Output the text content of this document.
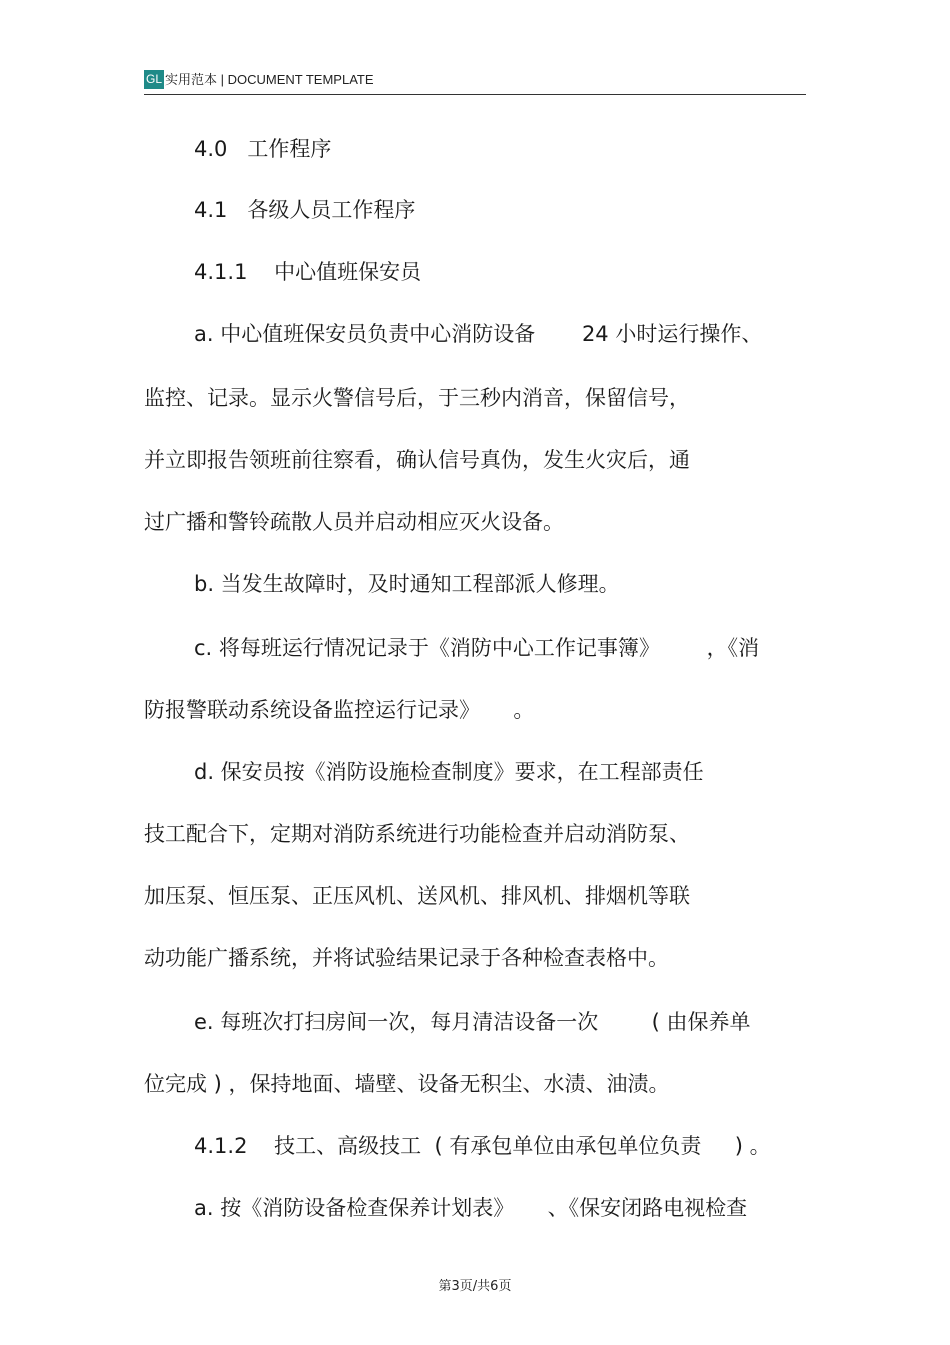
GL 实用范本 | DOCUMENT TEMPLATE
4.0   工作程序
4.1   各级人员工作程序
4.1.1    中心值班保安员
a. 中心值班保安员负责中心消防设备       24 小时运行操作、
监控、记录。显示火警信号后，于三秒内消音，保留信号，
并立即报告领班前往察看，确认信号真伪，发生火灾后，通
过广播和警铃疏散人员并启动相应灭火设备。
b. 当发生故障时，及时通知工程部派人修理。
c. 将每班运行情况记录于《消防中心工作记事簿》       ，《消
防报警联动系统设备监控运行记录》     。
d. 保安员按《消防设施检查制度》要求，在工程部责任
技工配合下，定期对消防系统进行功能检查并启动消防泵、
加压泵、恒压泵、正压风机、送风机、排风机、排烟机等联
动功能广播系统，并将试验结果记录于各种检查表格中。
e. 每班次打扫房间一次，每月清洁设备一次        ( 由保养单
位完成 ) ，保持地面、墙壁、设备无积尘、水渍、油渍。
4.1.2    技工、高级技工  ( 有承包单位由承包单位负责     ) 。
a. 按《消防设备检查保养计划表》     、《保安闭路电视检查
第3页/共6页
